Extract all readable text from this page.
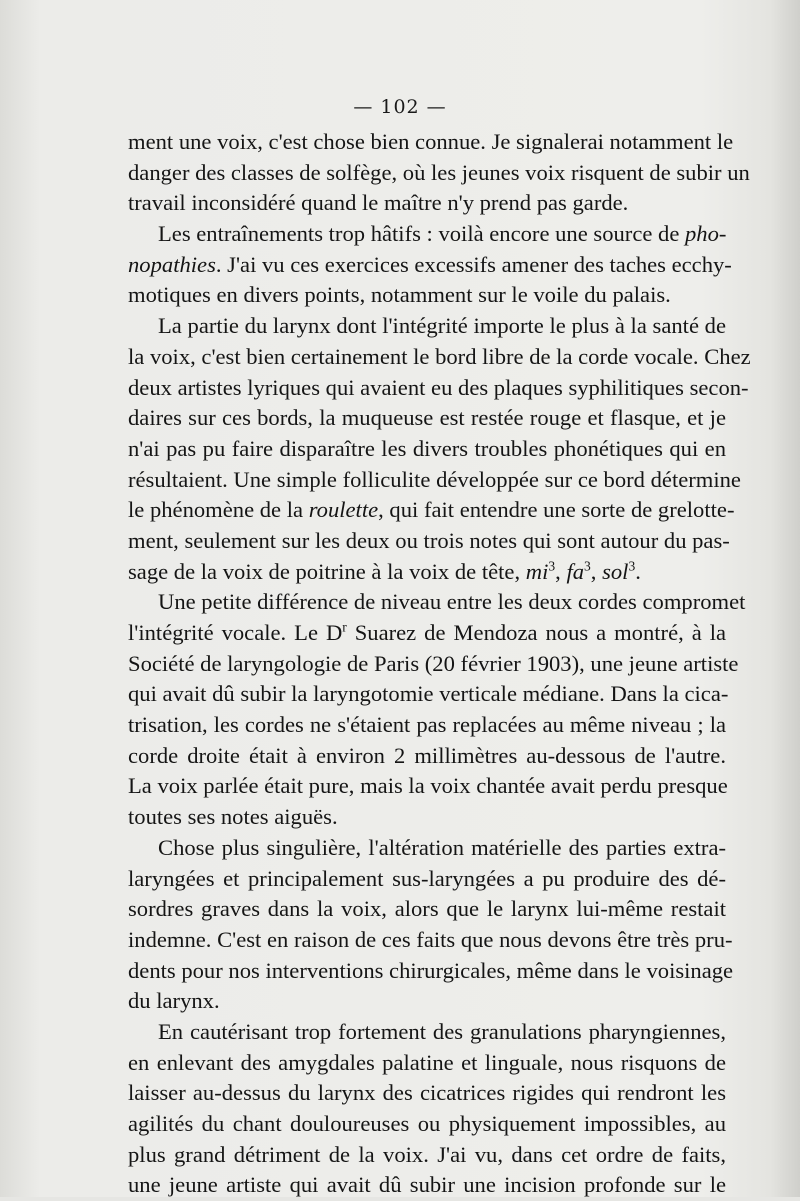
— 102 —
ment une voix, c'est chose bien connue. Je signalerai notamment le
danger des classes de solfège, où les jeunes voix risquent de subir un
travail inconsidéré quand le maître n'y prend pas garde.
Les entraînements trop hâtifs : voilà encore une source de pho-
nopathies. J'ai vu ces exercices excessifs amener des taches ecchy-
motiques en divers points, notamment sur le voile du palais.
La partie du larynx dont l'intégrité importe le plus à la santé de
la voix, c'est bien certainement le bord libre de la corde vocale. Chez
deux artistes lyriques qui avaient eu des plaques syphilitiques secon-
daires sur ces bords, la muqueuse est restée rouge et flasque, et je
n'ai pas pu faire disparaître les divers troubles phonétiques qui en
résultaient. Une simple folliculite développée sur ce bord détermine
le phénomène de la roulette, qui fait entendre une sorte de grelotte-
ment, seulement sur les deux ou trois notes qui sont autour du pas-
sage de la voix de poitrine à la voix de tête, $mi^3$, $fa^3$, sol$^3$.
Une petite différence de niveau entre les deux cordes compromet
l'intégrité vocale. Le $D^r$ Suarez de Mendoza nous a montré, à la
Société de laryngologie de Paris (20 février 1903), une jeune artiste
qui avait dû subir la laryngotomie verticale médiane. Dans la cica-
trisation, les cordes ne s'étaient pas replacées au même niveau ; la
corde droite était à environ 2 millimètres au-dessous de l'autre.
La voix parlée était pure, mais la voix chantée avait perdu presque
toutes ses notes aiguës.
Chose plus singulière, l'altération matérielle des parties extra-
laryngées et principalement sus-laryngées a pu produire des dé-
sordres graves dans la voix, alors que le larynx lui-même restait
indemne. C'est en raison de ces faits que nous devons être très pru-
dents pour nos interventions chirurgicales, même dans le voisinage
du larynx.
En cautérisant trop fortement des granulations pharyngiennes,
en enlevant des amygdales palatine et linguale, nous risquons de
laisser au-dessus du larynx des cicatrices rigides qui rendront les
agilités du chant douloureuses ou physiquement impossibles, au
plus grand détriment de la voix. J'ai vu, dans cet ordre de faits,
une jeune artiste qui avait dû subir une incision profonde sur le
